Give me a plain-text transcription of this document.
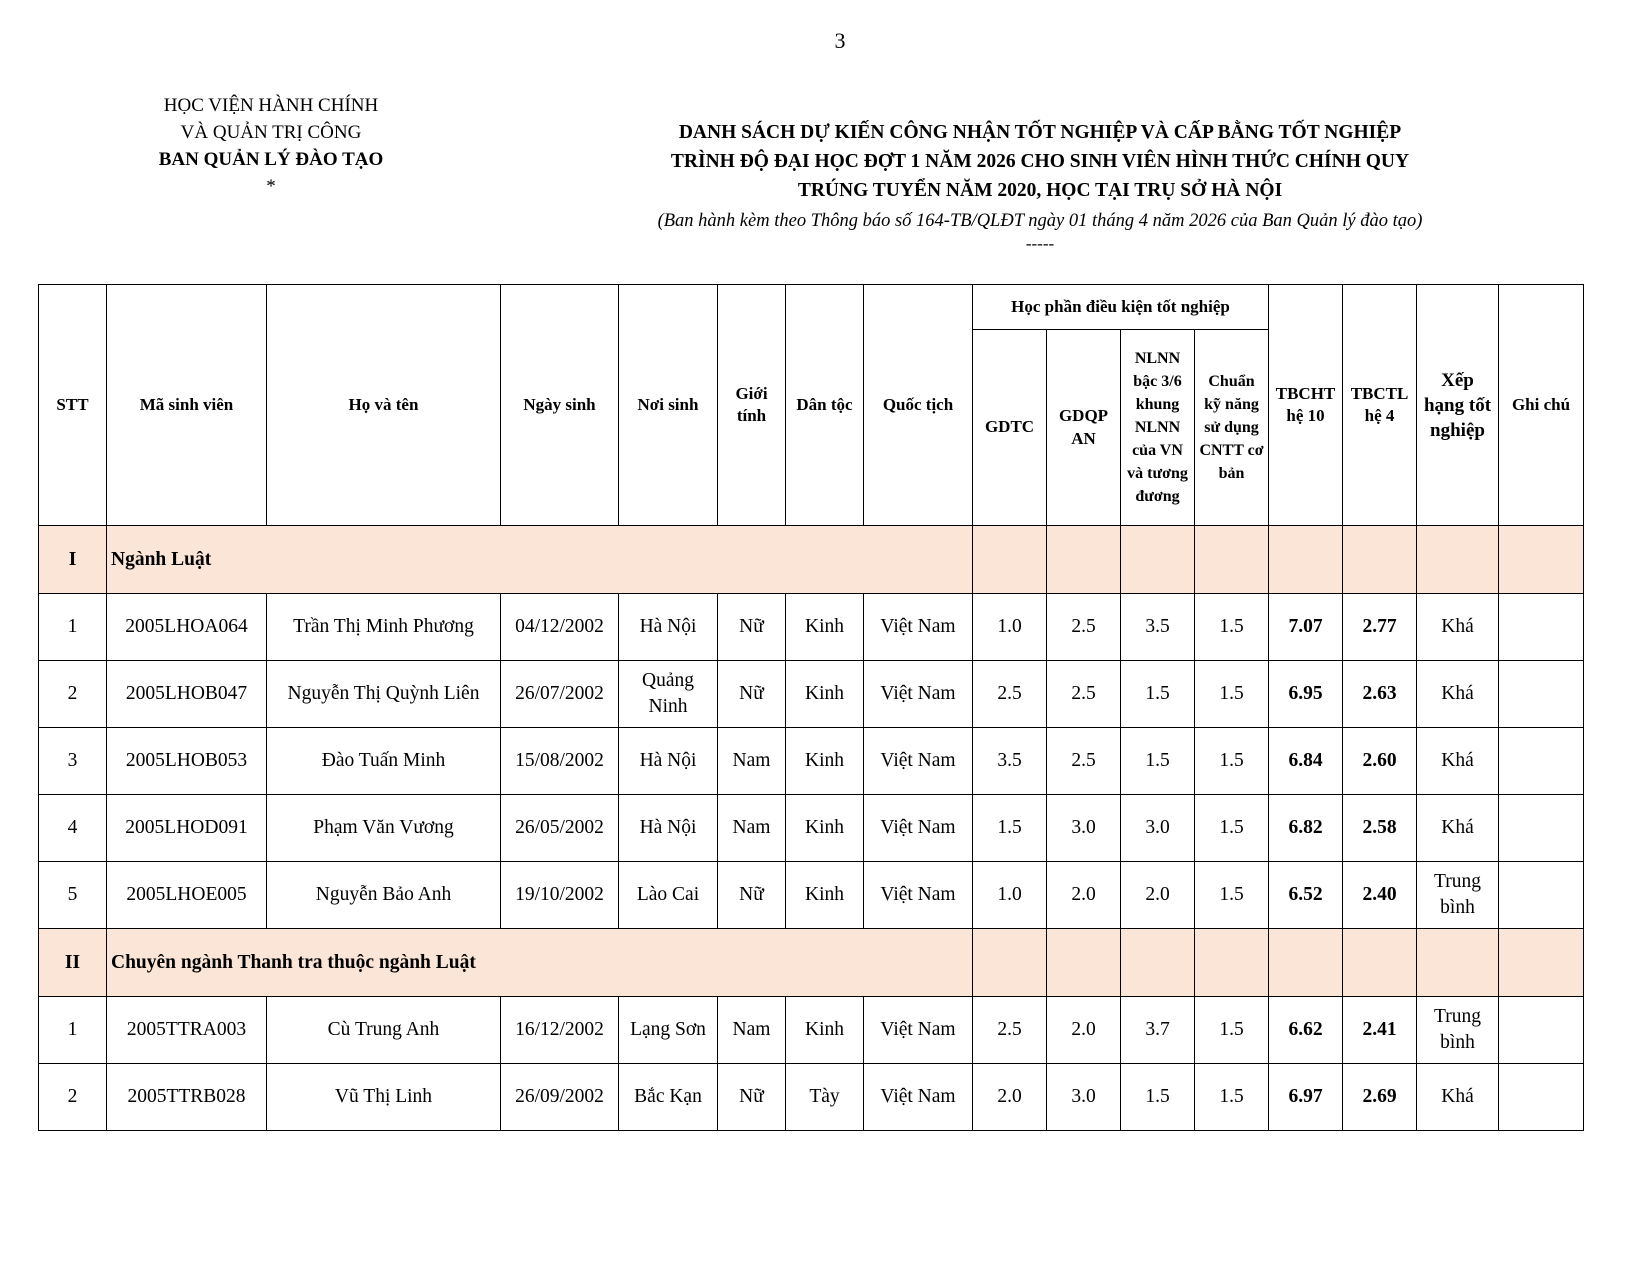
3
HỌC VIỆN HÀNH CHÍNH
VÀ QUẢN TRỊ CÔNG
BAN QUẢN LÝ ĐÀO TẠO
*
DANH SÁCH DỰ KIẾN CÔNG NHẬN TỐT NGHIỆP VÀ CẤP BẰNG TỐT NGHIỆP
TRÌNH ĐỘ ĐẠI HỌC ĐỢT 1 NĂM 2026 CHO SINH VIÊN HÌNH THỨC CHÍNH QUY
TRÚNG TUYỂN NĂM 2020, HỌC TẠI TRỤ SỞ HÀ NỘI
(Ban hành kèm theo Thông báo số 164-TB/QLĐT ngày 01 tháng 4 năm 2026 của Ban Quản lý đào tạo)
-----
STT	Mã sinh viên	Họ và tên	Ngày sinh	Nơi sinh	Giới tính	Dân tộc	Quốc tịch	Học phần điều kiện tốt nghiệp				TBCHT hệ 10	TBCTL hệ 4	Xếp hạng tốt nghiệp	Ghi chú
								GDTC	GDQP AN	NLNN bậc 3/6 khung NLNN của VN và tương đương	Chuẩn kỹ năng sử dụng CNTT cơ bản				
I	Ngành Luật														
1	2005LHOA064	Trần Thị Minh Phương	04/12/2002	Hà Nội	Nữ	Kinh	Việt Nam	1.0	2.5	3.5	1.5	7.07	2.77	Khá	
2	2005LHOB047	Nguyễn Thị Quỳnh Liên	26/07/2002	Quảng Ninh	Nữ	Kinh	Việt Nam	2.5	2.5	1.5	1.5	6.95	2.63	Khá	
3	2005LHOB053	Đào Tuấn Minh	15/08/2002	Hà Nội	Nam	Kinh	Việt Nam	3.5	2.5	1.5	1.5	6.84	2.60	Khá	
4	2005LHOD091	Phạm Văn Vương	26/05/2002	Hà Nội	Nam	Kinh	Việt Nam	1.5	3.0	3.0	1.5	6.82	2.58	Khá	
5	2005LHOE005	Nguyễn Bảo Anh	19/10/2002	Lào Cai	Nữ	Kinh	Việt Nam	1.0	2.0	2.0	1.5	6.52	2.40	Trung bình	
II	Chuyên ngành Thanh tra thuộc ngành Luật														
1	2005TTRA003	Cù Trung Anh	16/12/2002	Lạng Sơn	Nam	Kinh	Việt Nam	2.5	2.0	3.7	1.5	6.62	2.41	Trung bình	
2	2005TTRB028	Vũ Thị Linh	26/09/2002	Bắc Kạn	Nữ	Tày	Việt Nam	2.0	3.0	1.5	1.5	6.97	2.69	Khá	
